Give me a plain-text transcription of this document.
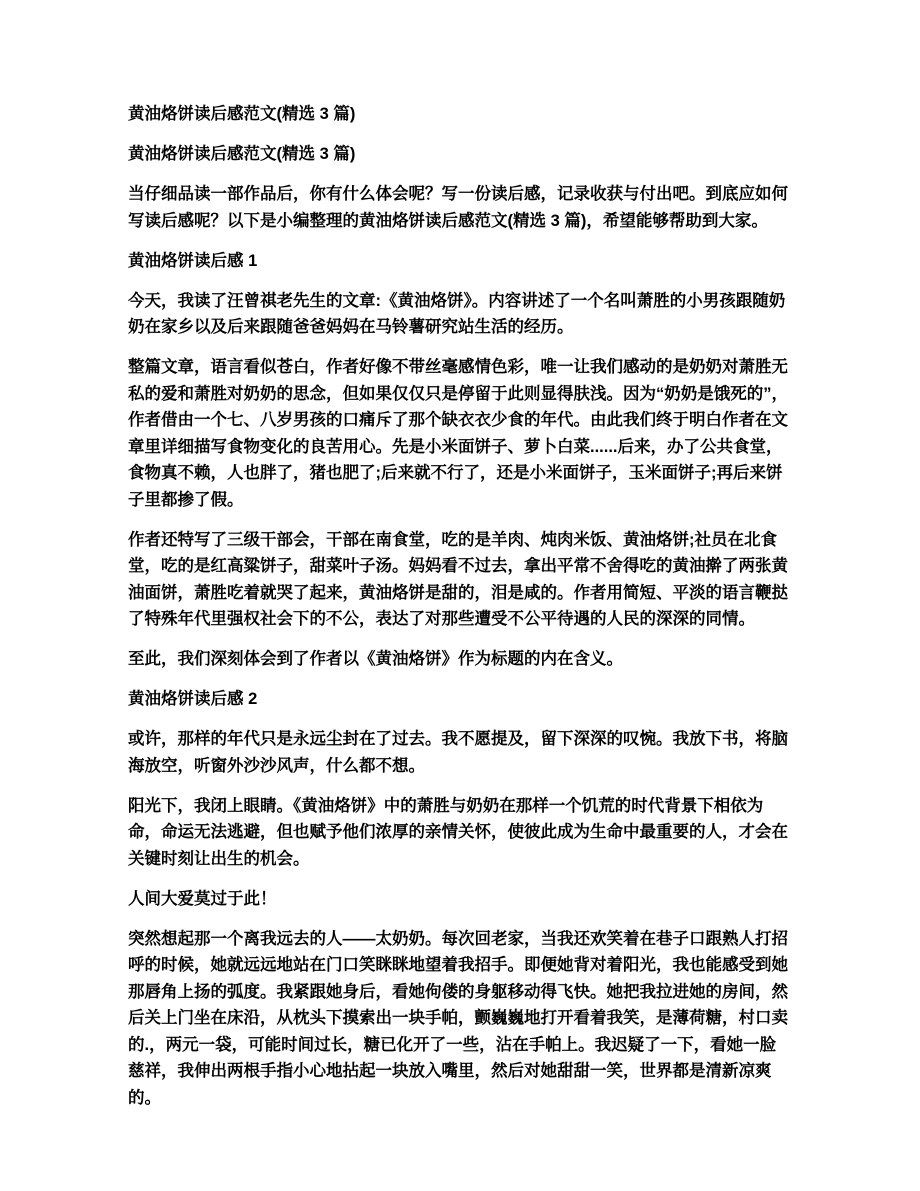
黄油烙饼读后感范文(精选 3 篇)
黄油烙饼读后感范文(精选 3 篇)
当仔细品读一部作品后，你有什么体会呢？写一份读后感，记录收获与付出吧。到底应如何写读后感呢？以下是小编整理的黄油烙饼读后感范文(精选 3 篇)，希望能够帮助到大家。
黄油烙饼读后感 1
今天，我读了汪曾祺老先生的文章:《黄油烙饼》。内容讲述了一个名叫萧胜的小男孩跟随奶奶在家乡以及后来跟随爸爸妈妈在马铃薯研究站生活的经历。
整篇文章，语言看似苍白，作者好像不带丝毫感情色彩，唯一让我们感动的是奶奶对萧胜无私的爱和萧胜对奶奶的思念，但如果仅仅只是停留于此则显得肤浅。因为“奶奶是饿死的”，作者借由一个七、八岁男孩的口痛斥了那个缺衣衣少食的年代。由此我们终于明白作者在文章里详细描写食物变化的良苦用心。先是小米面饼子、萝卜白菜......后来，办了公共食堂，食物真不赖，人也胖了，猪也肥了;后来就不行了，还是小米面饼子，玉米面饼子;再后来饼子里都掺了假。
作者还特写了三级干部会，干部在南食堂，吃的是羊肉、炖肉米饭、黄油烙饼;社员在北食堂，吃的是红高粱饼子，甜菜叶子汤。妈妈看不过去，拿出平常不舍得吃的黄油擀了两张黄油面饼，萧胜吃着就哭了起来，黄油烙饼是甜的，泪是咸的。作者用简短、平淡的语言鞭挞了特殊年代里强权社会下的不公，表达了对那些遭受不公平待遇的人民的深深的同情。
至此，我们深刻体会到了作者以《黄油烙饼》作为标题的内在含义。
黄油烙饼读后感 2
或许，那样的年代只是永远尘封在了过去。我不愿提及，留下深深的叹惋。我放下书，将脑海放空，听窗外沙沙风声，什么都不想。
阳光下，我闭上眼睛。《黄油烙饼》中的萧胜与奶奶在那样一个饥荒的时代背景下相依为命，命运无法逃避，但也赋予他们浓厚的亲情关怀，使彼此成为生命中最重要的人，才会在关键时刻让出生的机会。
人间大爱莫过于此！
突然想起那一个离我远去的人——太奶奶。每次回老家，当我还欢笑着在巷子口跟熟人打招呼的时候，她就远远地站在门口笑眯眯地望着我招手。即便她背对着阳光，我也能感受到她那唇角上扬的弧度。我紧跟她身后，看她佝偻的身躯移动得飞快。她把我拉进她的房间，然后关上门坐在床沿，从枕头下摸索出一块手帕，颤巍巍地打开看着我笑，是薄荷糖，村口卖的.，两元一袋，可能时间过长，糖已化开了一些，沾在手帕上。我迟疑了一下，看她一脸慈祥，我伸出两根手指小心地拈起一块放入嘴里，然后对她甜甜一笑，世界都是清新凉爽的。
